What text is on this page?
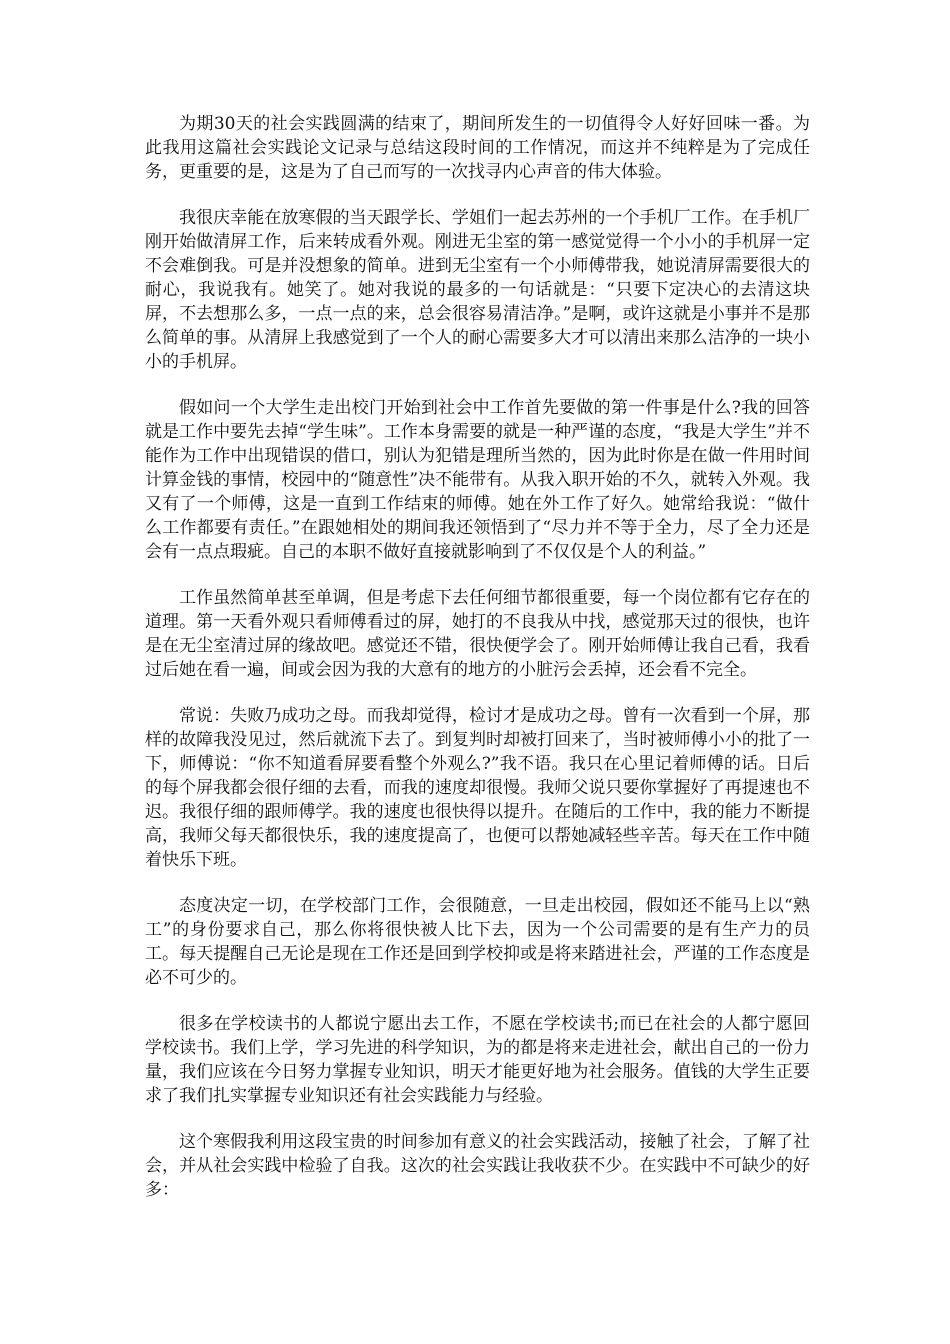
为期30天的社会实践圆满的结束了，期间所发生的一切值得令人好好回味一番。为此我用这篇社会实践论文记录与总结这段时间的工作情况，而这并不纯粹是为了完成任务，更重要的是，这是为了自己而写的一次找寻内心声音的伟大体验。

我很庆幸能在放寒假的当天跟学长、学姐们一起去苏州的一个手机厂工作。在手机厂刚开始做清屏工作，后来转成看外观。刚进无尘室的第一感觉觉得一个小小的手机屏一定不会难倒我。可是并没想象的简单。进到无尘室有一个小师傅带我，她说清屏需要很大的耐心，我说我有。她笑了。她对我说的最多的一句话就是：“只要下定决心的去清这块屏，不去想那么多，一点一点的来，总会很容易清洁净。”是啊，或许这就是小事并不是那么简单的事。从清屏上我感觉到了一个人的耐心需要多大才可以清出来那么洁净的一块小小的手机屏。

假如问一个大学生走出校门开始到社会中工作首先要做的第一件事是什么?我的回答就是工作中要先去掉“学生味”。工作本身需要的就是一种严谨的态度，“我是大学生”并不能作为工作中出现错误的借口，别认为犯错是理所当然的，因为此时你是在做一件用时间计算金钱的事情，校园中的“随意性”决不能带有。从我入职开始的不久，就转入外观。我又有了一个师傅，这是一直到工作结束的师傅。她在外工作了好久。她常给我说：“做什么工作都要有责任。”在跟她相处的期间我还领悟到了“尽力并不等于全力，尽了全力还是会有一点点瑕疵。自己的本职不做好直接就影响到了不仅仅是个人的利益。”

工作虽然简单甚至单调，但是考虑下去任何细节都很重要，每一个岗位都有它存在的道理。第一天看外观只看师傅看过的屏，她打的不良我从中找，感觉那天过的很快，也许是在无尘室清过屏的缘故吧。感觉还不错，很快便学会了。刚开始师傅让我自己看，我看过后她在看一遍，间或会因为我的大意有的地方的小脏污会丢掉，还会看不完全。

常说：失败乃成功之母。而我却觉得，检讨才是成功之母。曾有一次看到一个屏，那样的故障我没见过，然后就流下去了。到复判时却被打回来了，当时被师傅小小的批了一下，师傅说：“你不知道看屏要看整个外观么?”我不语。我只在心里记着师傅的话。日后的每个屏我都会很仔细的去看，而我的速度却很慢。我师父说只要你掌握好了再提速也不迟。我很仔细的跟师傅学。我的速度也很快得以提升。在随后的工作中，我的能力不断提高，我师父每天都很快乐，我的速度提高了，也便可以帮她减轻些辛苦。每天在工作中随着快乐下班。

态度决定一切，在学校部门工作，会很随意，一旦走出校园，假如还不能马上以“熟工”的身份要求自己，那么你将很快被人比下去，因为一个公司需要的是有生产力的员工。每天提醒自己无论是现在工作还是回到学校抑或是将来踏进社会，严谨的工作态度是必不可少的。

很多在学校读书的人都说宁愿出去工作，不愿在学校读书;而已在社会的人都宁愿回学校读书。我们上学，学习先进的科学知识，为的都是将来走进社会，献出自己的一份力量，我们应该在今日努力掌握专业知识，明天才能更好地为社会服务。值钱的大学生正要求了我们扎实掌握专业知识还有社会实践能力与经验。

这个寒假我利用这段宝贵的时间参加有意义的社会实践活动，接触了社会，了解了社会，并从社会实践中检验了自我。这次的社会实践让我收获不少。在实践中不可缺少的好多：
